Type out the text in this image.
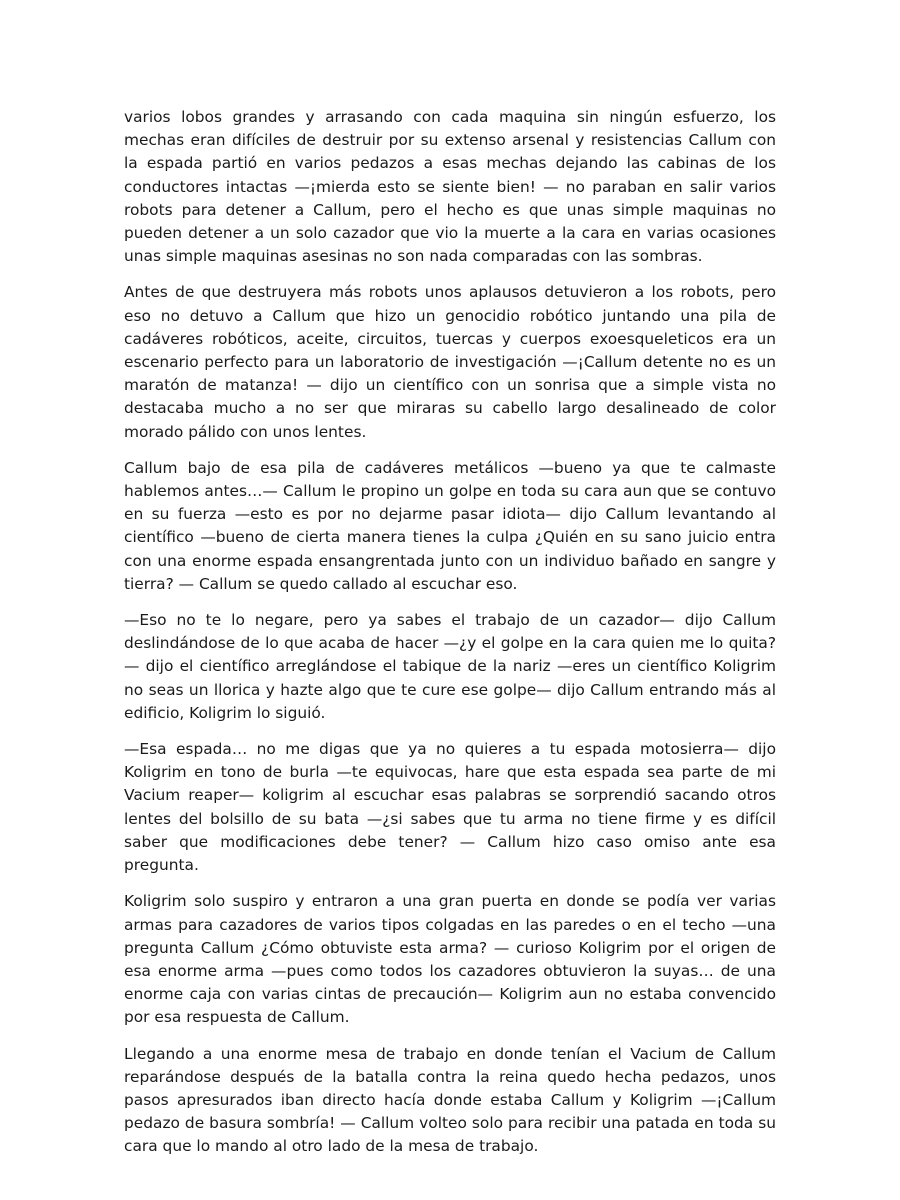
varios lobos grandes y arrasando con cada maquina sin ningún esfuerzo, los mechas eran difíciles de destruir por su extenso arsenal y resistencias Callum con la espada partió en varios pedazos a esas mechas dejando las cabinas de los conductores intactas —¡mierda esto se siente bien! — no paraban en salir varios robots para detener a Callum, pero el hecho es que unas simple maquinas no pueden detener a un solo cazador que vio la muerte a la cara en varias ocasiones unas simple maquinas asesinas no son nada comparadas con las sombras.

Antes de que destruyera más robots unos aplausos detuvieron a los robots, pero eso no detuvo a Callum que hizo un genocidio robótico juntando una pila de cadáveres robóticos, aceite, circuitos, tuercas y cuerpos exoesqueleticos era un escenario perfecto para un laboratorio de investigación —¡Callum detente no es un maratón de matanza! — dijo un científico con un sonrisa que a simple vista no destacaba mucho a no ser que miraras su cabello largo desalineado de color morado pálido con unos lentes.

Callum bajo de esa pila de cadáveres metálicos —bueno ya que te calmaste hablemos antes…— Callum le propino un golpe en toda su cara aun que se contuvo en su fuerza —esto es por no dejarme pasar idiota— dijo Callum levantando al científico —bueno de cierta manera tienes la culpa ¿Quién en su sano juicio entra con una enorme espada ensangrentada junto con un individuo bañado en sangre y tierra? — Callum se quedo callado al escuchar eso.

—Eso no te lo negare, pero ya sabes el trabajo de un cazador— dijo Callum deslindándose de lo que acaba de hacer —¿y el golpe en la cara quien me lo quita? — dijo el científico arreglándose el tabique de la nariz —eres un científico Koligrim no seas un llorica y hazte algo que te cure ese golpe— dijo Callum entrando más al edificio, Koligrim lo siguió.

—Esa espada… no me digas que ya no quieres a tu espada motosierra— dijo Koligrim en tono de burla —te equivocas, hare que esta espada sea parte de mi Vacium reaper— koligrim al escuchar esas palabras se sorprendió sacando otros lentes del bolsillo de su bata —¿si sabes que tu arma no tiene firme y es difícil saber que modificaciones debe tener? — Callum hizo caso omiso ante esa pregunta.

Koligrim solo suspiro y entraron a una gran puerta en donde se podía ver varias armas para cazadores de varios tipos colgadas en las paredes o en el techo —una pregunta Callum ¿Cómo obtuviste esta arma? — curioso Koligrim por el origen de esa enorme arma —pues como todos los cazadores obtuvieron la suyas… de una enorme caja con varias cintas de precaución— Koligrim aun no estaba convencido por esa respuesta de Callum.

Llegando a una enorme mesa de trabajo en donde tenían el Vacium de Callum reparándose después de la batalla contra la reina quedo hecha pedazos, unos pasos apresurados iban directo hacía donde estaba Callum y Koligrim —¡Callum pedazo de basura sombría! — Callum volteo solo para recibir una patada en toda su cara que lo mando al otro lado de la mesa de trabajo.
